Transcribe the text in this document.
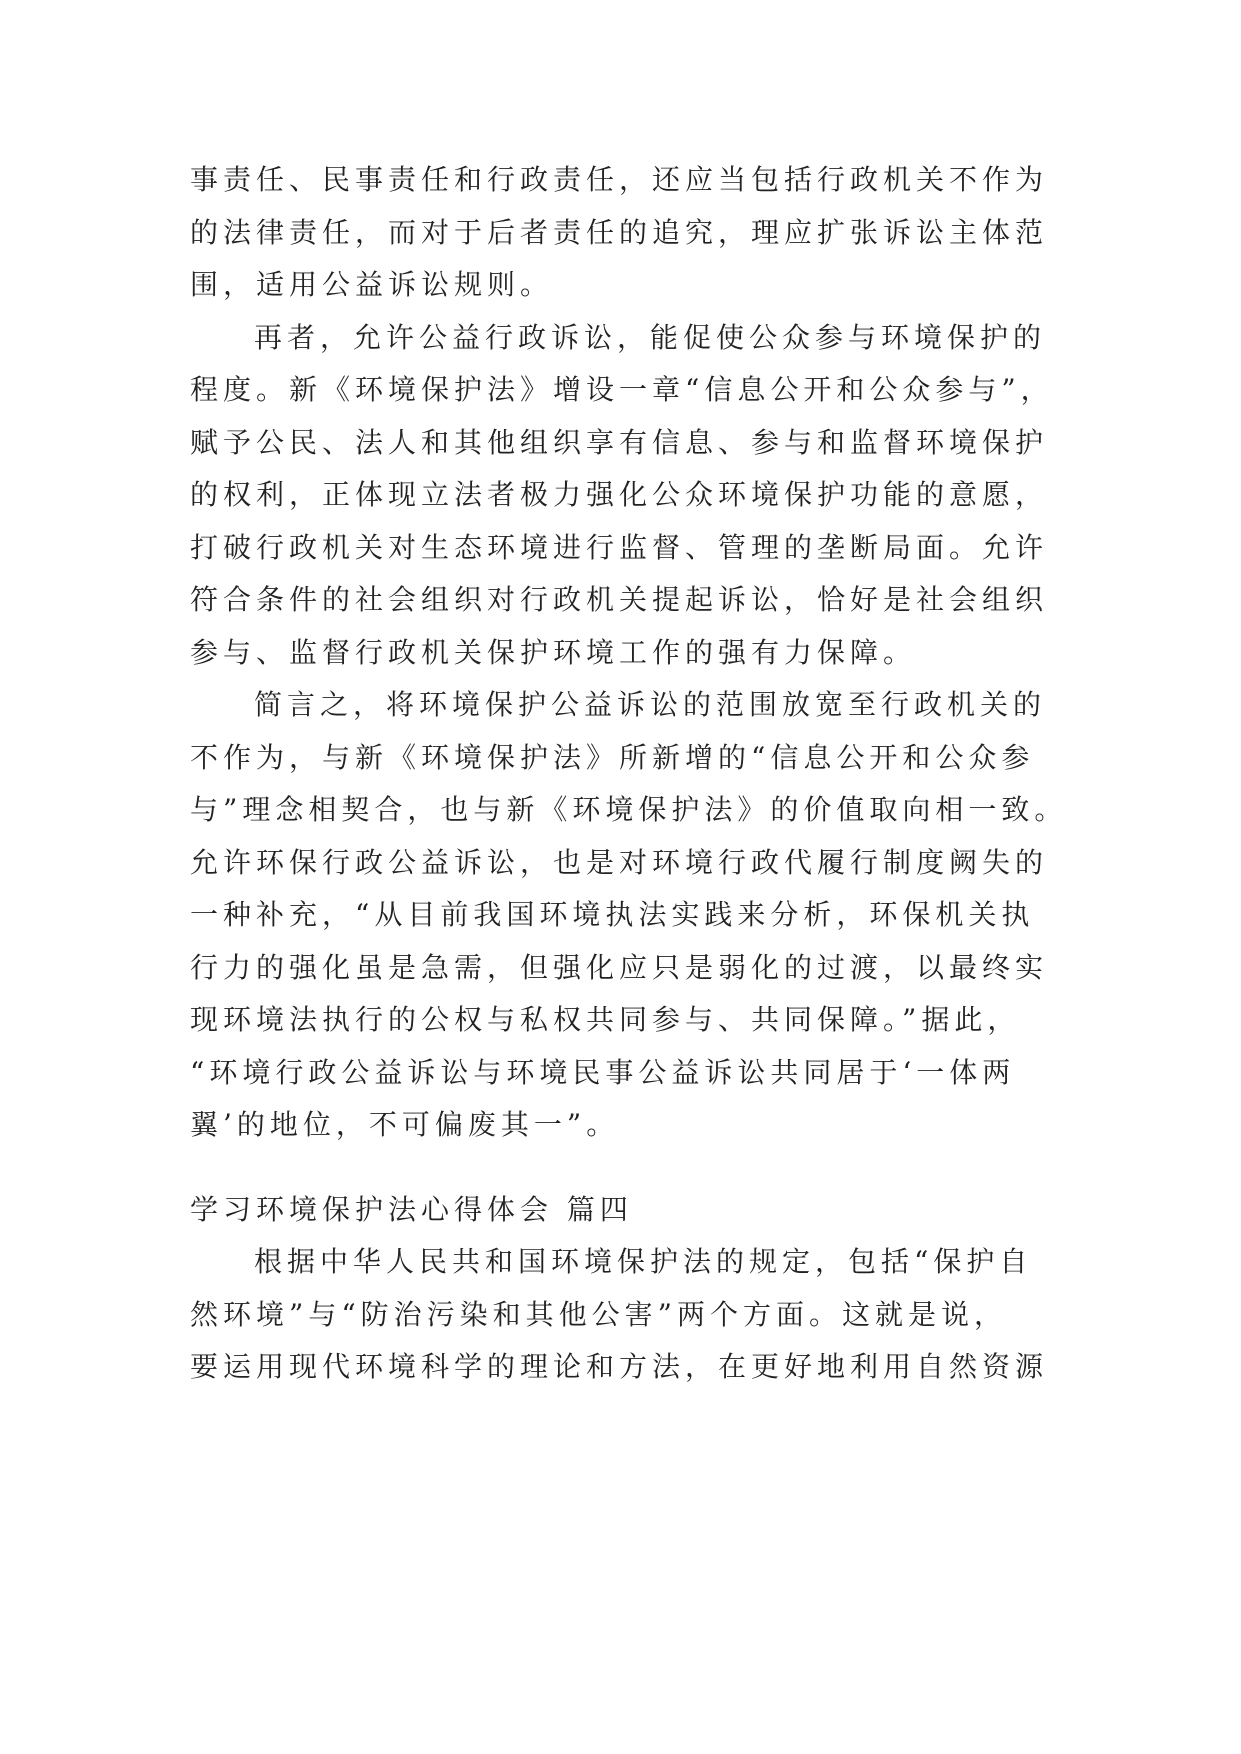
事责任、民事责任和行政责任，还应当包括行政机关不作为
的法律责任，而对于后者责任的追究，理应扩张诉讼主体范
围，适用公益诉讼规则。
再者，允许公益行政诉讼，能促使公众参与环境保护的
程度。新《环境保护法》增设一章“信息公开和公众参与”，
赋予公民、法人和其他组织享有信息、参与和监督环境保护
的权利，正体现立法者极力强化公众环境保护功能的意愿，
打破行政机关对生态环境进行监督、管理的垄断局面。允许
符合条件的社会组织对行政机关提起诉讼，恰好是社会组织
参与、监督行政机关保护环境工作的强有力保障。
简言之，将环境保护公益诉讼的范围放宽至行政机关的
不作为，与新《环境保护法》所新增的“信息公开和公众参
与”理念相契合，也与新《环境保护法》的价值取向相一致。
允许环保行政公益诉讼，也是对环境行政代履行制度阙失的
一种补充，“从目前我国环境执法实践来分析，环保机关执
行力的强化虽是急需，但强化应只是弱化的过渡，以最终实
现环境法执行的公权与私权共同参与、共同保障。”据此，
“环境行政公益诉讼与环境民事公益诉讼共同居于‘一体两
翼’的地位，不可偏废其一”。
学习环境保护法心得体会 篇四
根据中华人民共和国环境保护法的规定，包括“保护自
然环境”与“防治污染和其他公害”两个方面。这就是说，
要运用现代环境科学的理论和方法，在更好地利用自然资源
